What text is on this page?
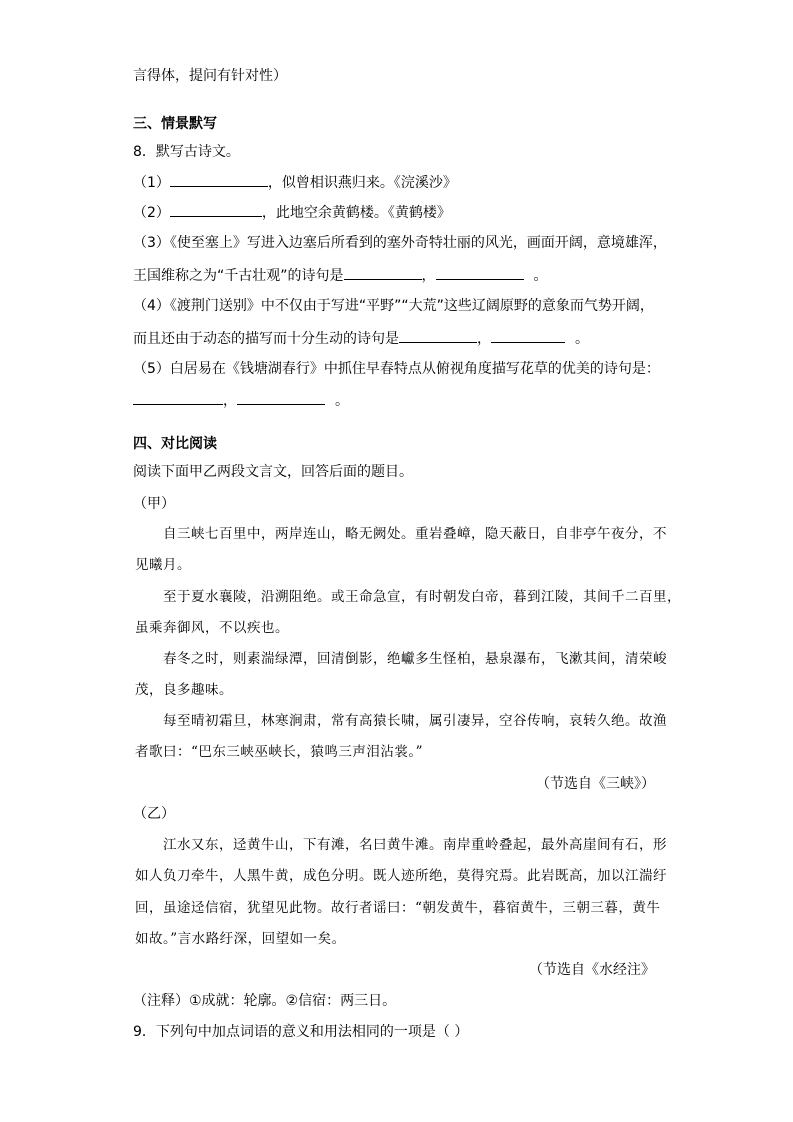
言得体，提问有针对性）
三、情景默写
8．默写古诗文。
（1）	，似曾相识燕归来。《浣溪沙》
（2）	，此地空余黄鹤楼。《黄鹤楼》
（3）《使至塞上》写进入边塞后所看到的塞外奇特壮丽的风光，画面开阔，意境雄浑，
王国维称之为“千古壮观”的诗句是	，	。
（4）《渡荆门送别》中不仅由于写进“平野”“大荒”这些辽阔原野的意象而气势开阔，
而且还由于动态的描写而十分生动的诗句是	，	。
（5）白居易在《钱塘湖春行》中抓住早春特点从俯视角度描写花草的优美的诗句是：
，	。
四、对比阅读
阅读下面甲乙两段文言文，回答后面的题目。
（甲）
自三峡七百里中，两岸连山，略无阙处。重岩叠嶂，隐天蔽日，自非亭午夜分，不
见曦月。
至于夏水襄陵，沿溯阻绝。或王命急宣，有时朝发白帝，暮到江陵，其间千二百里，
虽乘奔御风，不以疾也。
春冬之时，则素湍绿潭，回清倒影，绝巘多生怪柏，悬泉瀑布，飞漱其间，清荣峻
茂，良多趣味。
每至晴初霜旦，林寒涧肃，常有高猿长啸，属引凄异，空谷传响，哀转久绝。故渔
者歌曰：“巴东三峡巫峡长，猿鸣三声泪沾裳。”
（节选自《三峡》）
（乙）
江水又东，迳黄牛山，下有滩，名曰黄牛滩。南岸重岭叠起，最外高崖间有石，形
如人负刀牵牛，人黑牛黄，成色分明。既人迹所绝，莫得究焉。此岩既高，加以江湍纡
回，虽途迳信宿，犹望见此物。故行者谣曰：“朝发黄牛，暮宿黄牛，三朝三暮，黄牛
如故。”言水路纡深，回望如一矣。
（节选自《水经注》
（注释）①成就：轮廓。②信宿：两三日。
9．下列句中加点词语的意义和用法相同的一项是（ ）
